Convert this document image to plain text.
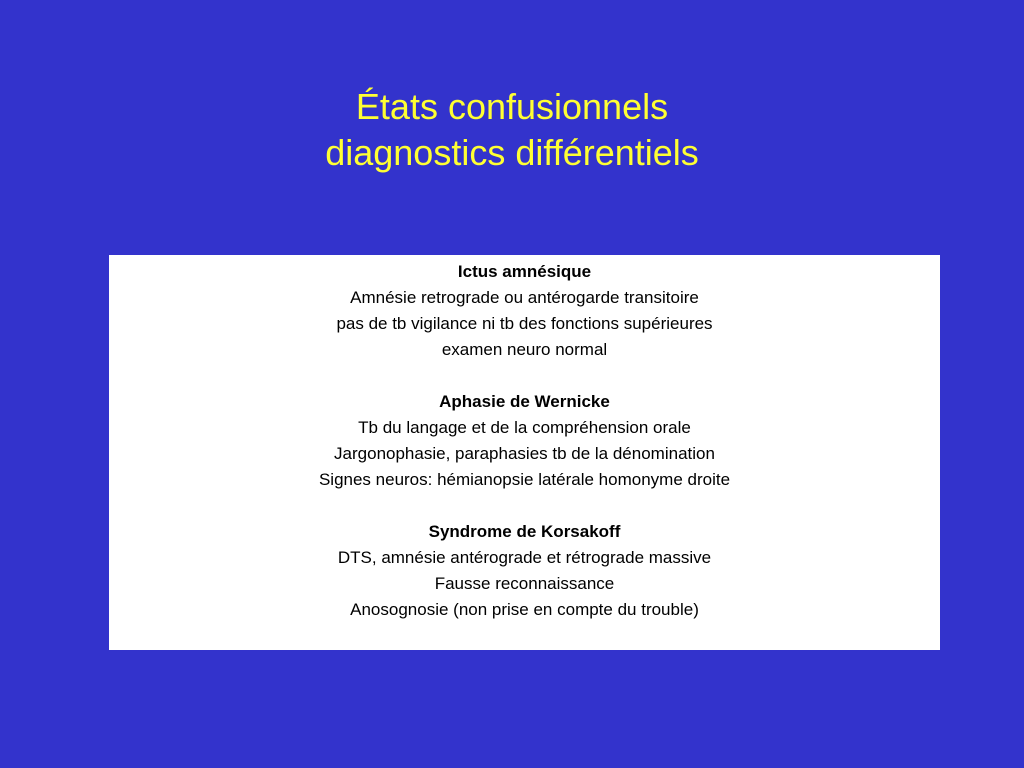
États confusionnels
diagnostics différentiels
Ictus amnésique
Amnésie retrograde ou antérogarde transitoire
pas de tb vigilance ni tb des fonctions supérieures
examen neuro normal
Aphasie de Wernicke
Tb du langage et de la compréhension orale
Jargonophasie, paraphasies tb de la dénomination
Signes neuros: hémianopsie latérale homonyme droite
Syndrome de Korsakoff
DTS, amnésie antérograde et rétrograde massive
Fausse reconnaissance
Anosognosie (non prise en compte du trouble)
